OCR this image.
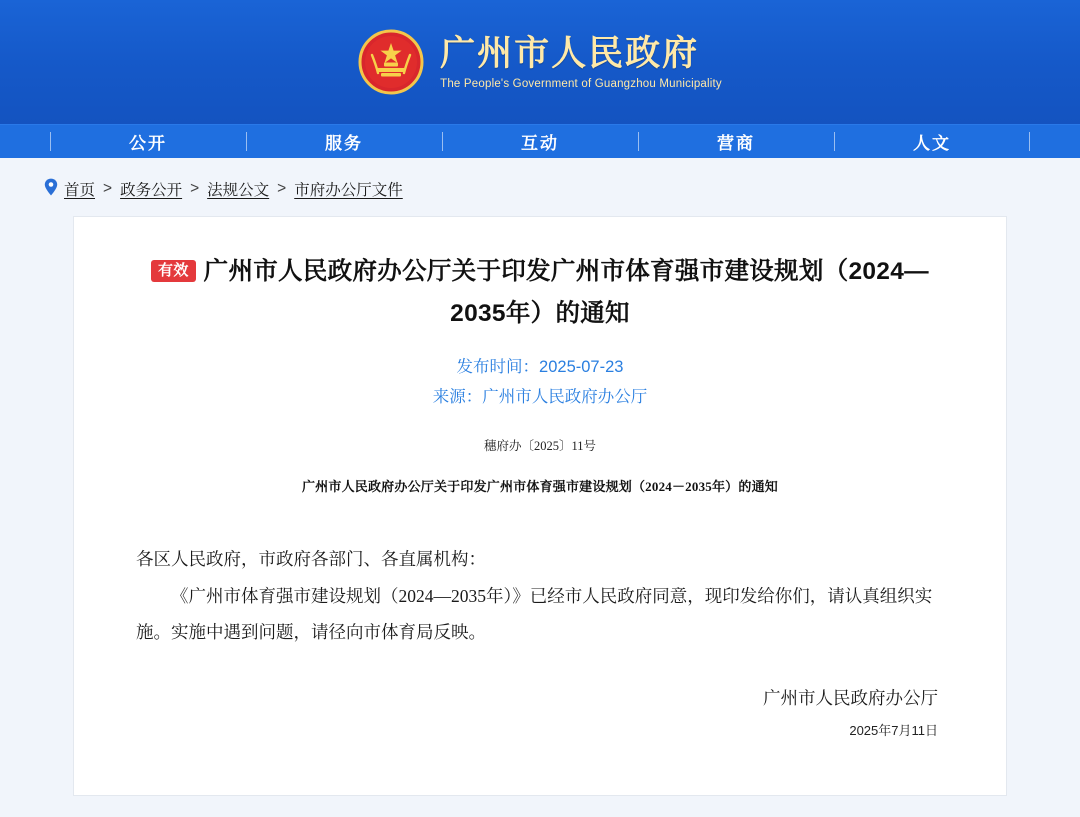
广州市人民政府
The People's Government of Guangzhou Municipality
公开	服务	互动	营商	人文
首页 > 政务公开 > 法规公文 > 市府办公厅文件
有效 广州市人民政府办公厅关于印发广州市体育强市建设规划（2024—2035年）的通知
发布时间：2025-07-23
来源：广州市人民政府办公厅
穗府办〔2025〕11号
广州市人民政府办公厅关于印发广州市体育强市建设规划（2024－2035年）的通知

各区人民政府，市政府各部门、各直属机构：

《广州市体育强市建设规划（2024—2035年）》已经市人民政府同意，现印发给你们，请认真组织实施。实施中遇到问题，请径向市体育局反映。

广州市人民政府办公厅
2025年7月11日
